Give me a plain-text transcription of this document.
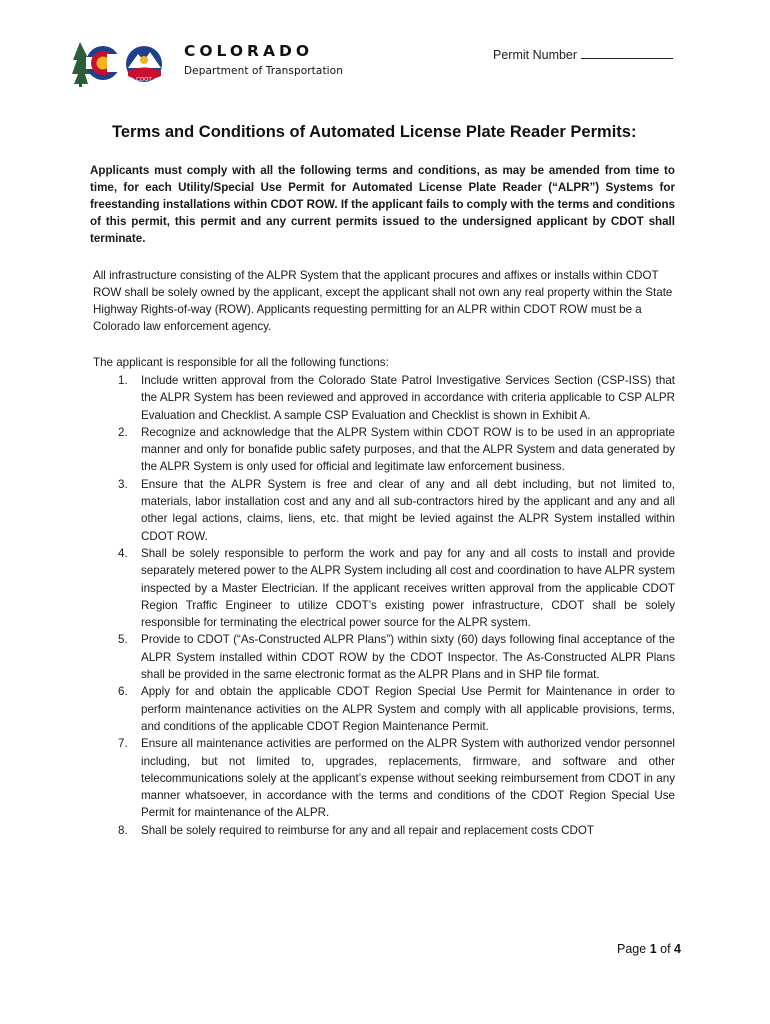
CDOT
COLORADO
Department of Transportation
Permit Number
Terms and Conditions of Automated License Plate Reader Permits:
Applicants must comply with all the following terms and conditions, as may be amended from time to time, for each Utility/Special Use Permit for Automated License Plate Reader (“ALPR”) Systems for freestanding installations within CDOT ROW. If the applicant fails to comply with the terms and conditions of this permit, this permit and any current permits issued to the undersigned applicant by CDOT shall terminate.
All infrastructure consisting of the ALPR System that the applicant procures and affixes or installs within CDOT ROW shall be solely owned by the applicant, except the applicant shall not own any real property within the State Highway Rights-of-way (ROW). Applicants requesting permitting for an ALPR within CDOT ROW must be a Colorado law enforcement agency.
The applicant is responsible for all the following functions:
1. Include written approval from the Colorado State Patrol Investigative Services Section (CSP-ISS) that the ALPR System has been reviewed and approved in accordance with criteria applicable to CSP ALPR Evaluation and Checklist. A sample CSP Evaluation and Checklist is shown in Exhibit A.
2. Recognize and acknowledge that the ALPR System within CDOT ROW is to be used in an appropriate manner and only for bonafide public safety purposes, and that the ALPR System and data generated by the ALPR System is only used for official and legitimate law enforcement business.
3. Ensure that the ALPR System is free and clear of any and all debt including, but not limited to, materials, labor installation cost and any and all sub-contractors hired by the applicant and any and all other legal actions, claims, liens, etc. that might be levied against the ALPR System installed within CDOT ROW.
4. Shall be solely responsible to perform the work and pay for any and all costs to install and provide separately metered power to the ALPR System including all cost and coordination to have ALPR system inspected by a Master Electrician. If the applicant receives written approval from the applicable CDOT Region Traffic Engineer to utilize CDOT’s existing power infrastructure, CDOT shall be solely responsible for terminating the electrical power source for the ALPR system.
5. Provide to CDOT (“As-Constructed ALPR Plans”) within sixty (60) days following final acceptance of the ALPR System installed within CDOT ROW by the CDOT Inspector. The As-Constructed ALPR Plans shall be provided in the same electronic format as the ALPR Plans and in SHP file format.
6. Apply for and obtain the applicable CDOT Region Special Use Permit for Maintenance in order to perform maintenance activities on the ALPR System and comply with all applicable provisions, terms, and conditions of the applicable CDOT Region Maintenance Permit.
7. Ensure all maintenance activities are performed on the ALPR System with authorized vendor personnel including, but not limited to, upgrades, replacements, firmware, and software and other telecommunications solely at the applicant’s expense without seeking reimbursement from CDOT in any manner whatsoever, in accordance with the terms and conditions of the CDOT Region Special Use Permit for maintenance of the ALPR.
8. Shall be solely required to reimburse for any and all repair and replacement costs CDOT
Page 1 of 4
